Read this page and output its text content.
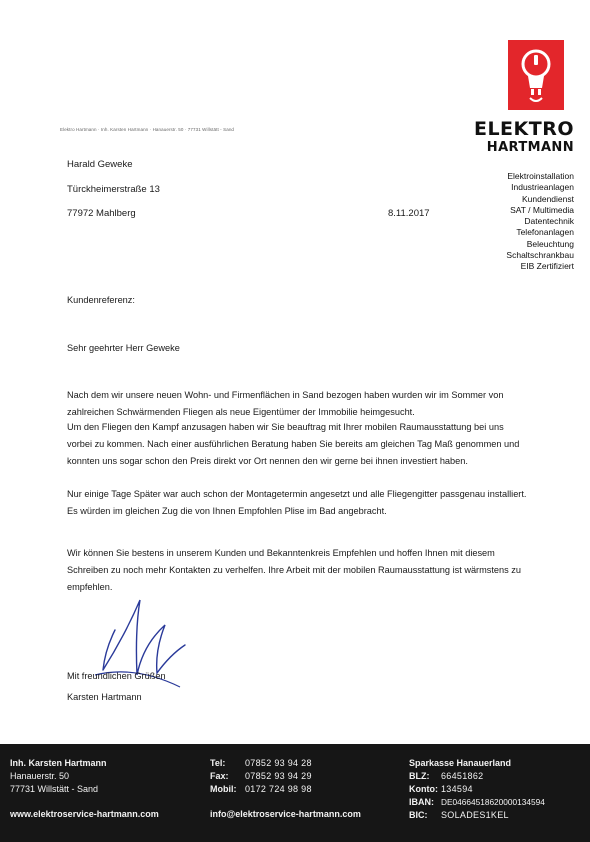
Elektro Hartmann · Inh. Karsten Hartmann · Hanauerstr. 50 · 77731 Willstätt - Sand	ELEKTRO
HARTMANN
Elektroinstallation
Industrieanlagen
Kundendienst
SAT / Multimedia
Datentechnik
Telefonanlagen
Beleuchtung
Schaltschrankbau
EIB Zertifiziert
Harald Geweke
Türckheimerstraße 13
77972 Mahlberg	8.11.2017
Kundenreferenz:
Sehr geehrter Herr Geweke

Nach dem wir unsere neuen Wohn- und Firmenflächen in Sand bezogen haben wurden wir im Sommer von zahlreichen Schwärmenden Fliegen als neue Eigentümer der Immobilie heimgesucht.

Um den Fliegen den Kampf anzusagen haben wir Sie beauftrag mit Ihrer mobilen Raumausstattung bei uns vorbei zu kommen. Nach einer ausführlichen Beratung haben Sie bereits am gleichen Tag Maß genommen und konnten uns sogar schon den Preis direkt vor Ort nennen den wir gerne bei ihnen investiert haben.

Nur einige Tage Später war auch schon der Montagetermin angesetzt und alle Fliegengitter passgenau installiert. Es würden im gleichen Zug die von Ihnen Empfohlen Plise im Bad angebracht.

Wir können Sie bestens in unserem Kunden und Bekanntenkreis Empfehlen und hoffen Ihnen mit diesem Schreiben zu noch mehr Kontakten zu verhelfen. Ihre Arbeit mit der mobilen Raumausstattung ist wärmstens zu empfehlen.

Mit freundlichen Grüßen
Karsten Hartmann
Inh. Karsten Hartmann
Hanauerstr. 50
77731 Willstätt - Sand
www.elektroservice-hartmann.com
Tel: 07852 93 94 28
Fax: 07852 93 94 29
Mobil: 0172 724 98 98
info@elektroservice-hartmann.com
Sparkasse Hanauerland
BLZ: 66451862
Konto: 134594
IBAN: DE04664518620000134594
BIC: SOLADES1KEL
